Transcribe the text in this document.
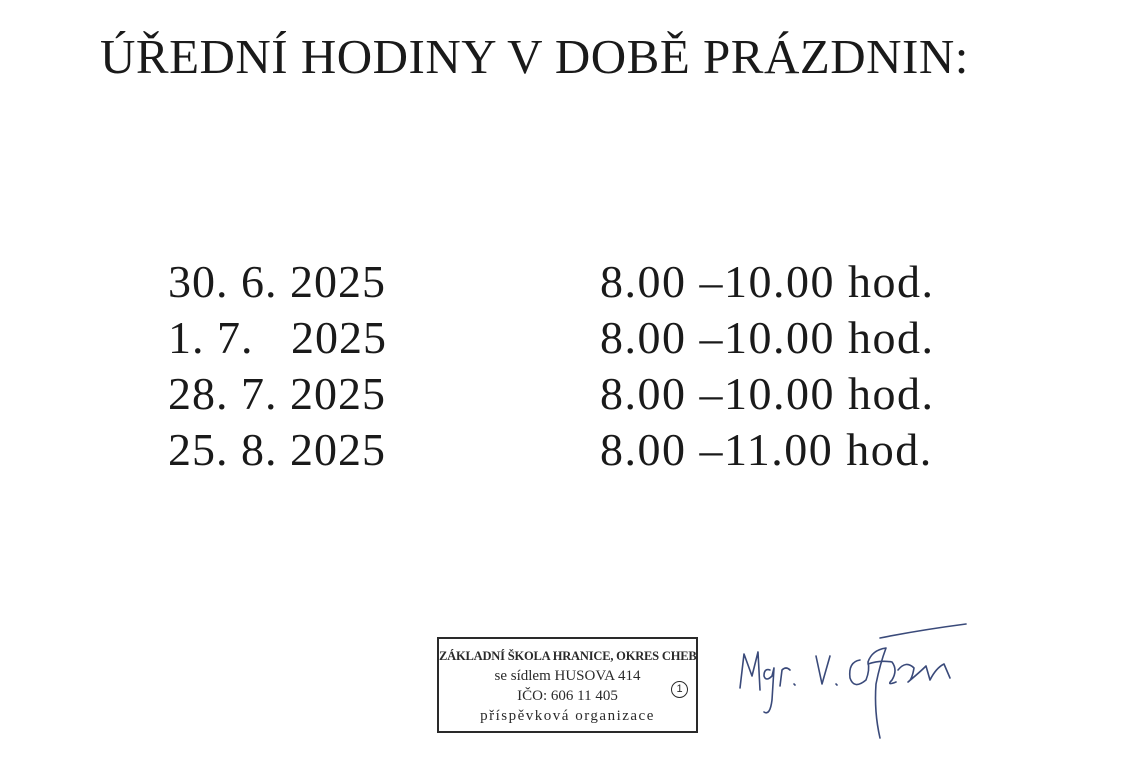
ÚŘEDNÍ HODINY V DOBĚ PRÁZDNIN:
30. 6. 2025	8.00 –10.00 hod.
1. 7.   2025	8.00 –10.00 hod.
28. 7. 2025	8.00 –10.00 hod.
25. 8. 2025	8.00 –11.00 hod.
ZÁKLADNÍ ŠKOLA HRANICE, OKRES CHEB
se sídlem HUSOVA 414
IČO: 606 11 405
příspěvková organizace
1
